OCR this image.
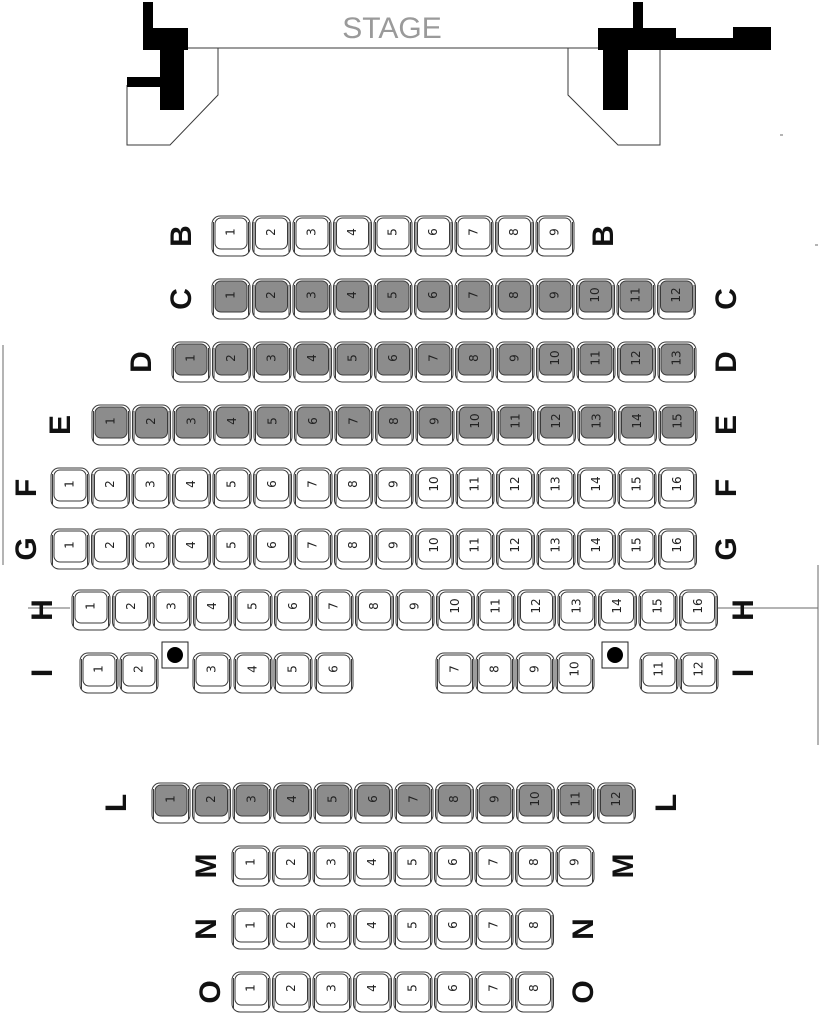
STAGE
1 2 3 4 5 6 7 8 9
B	B
1 2 3 4 5 6 7 8 9 10 11 12
C	C
1 2 3 4 5 6 7 8 9 10 11 12 13
D	D
1 2 3 4 5 6 7 8 9 10 11 12 13 14 15
E	E
1 2 3 4 5 6 7 8 9 10 11 12 13 14 15 16
F	F
1 2 3 4 5 6 7 8 9 10 11 12 13 14 15 16
G	G
1 2 3 4 5 6 7 8 9 10 11 12 13 14 15 16
H	H
1 2	3 4 5 6	7 8 9 10	11 12
I	I
1 2 3 4 5 6 7 8 9 10 11 12
L	L
1 2 3 4 5 6 7 8 9
M	M
1 2 3 4 5 6 7 8
N	N
1 2 3 4 5 6 7 8
O	O
